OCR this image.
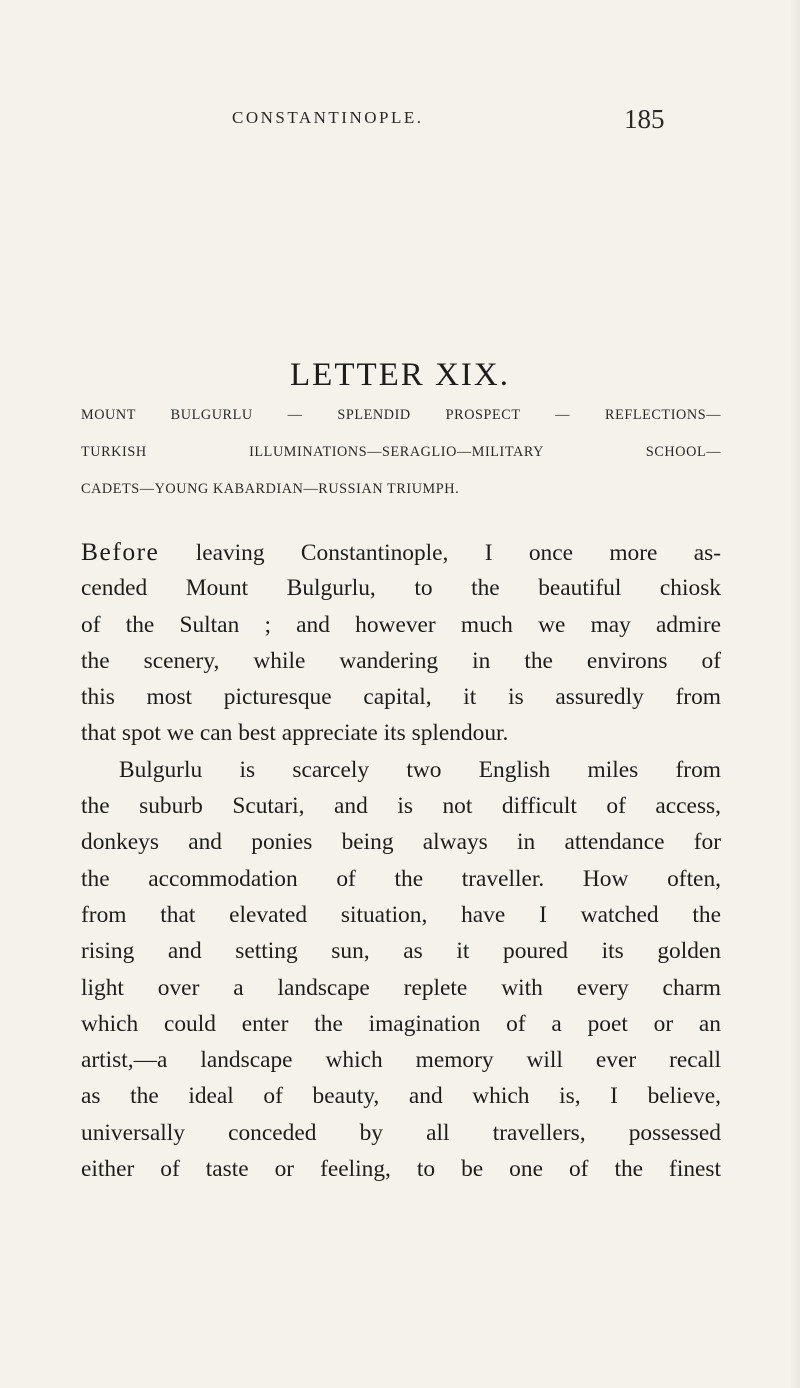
CONSTANTINOPLE.	185
LETTER XIX.
MOUNT BULGURLU — SPLENDID PROSPECT — REFLECTIONS—
TURKISH ILLUMINATIONS—SERAGLIO—MILITARY SCHOOL—
CADETS—YOUNG KABARDIAN—RUSSIAN TRIUMPH.
Before leaving Constantinople, I once more as-
cended Mount Bulgurlu, to the beautiful chiosk
of the Sultan ; and however much we may admire
the scenery, while wandering in the environs of
this most picturesque capital, it is assuredly from
that spot we can best appreciate its splendour.
Bulgurlu is scarcely two English miles from
the suburb Scutari, and is not difficult of access,
donkeys and ponies being always in attendance for
the accommodation of the traveller. How often,
from that elevated situation, have I watched the
rising and setting sun, as it poured its golden
light over a landscape replete with every charm
which could enter the imagination of a poet or an
artist,—a landscape which memory will ever recall
as the ideal of beauty, and which is, I believe,
universally conceded by all travellers, possessed
either of taste or feeling, to be one of the finest
